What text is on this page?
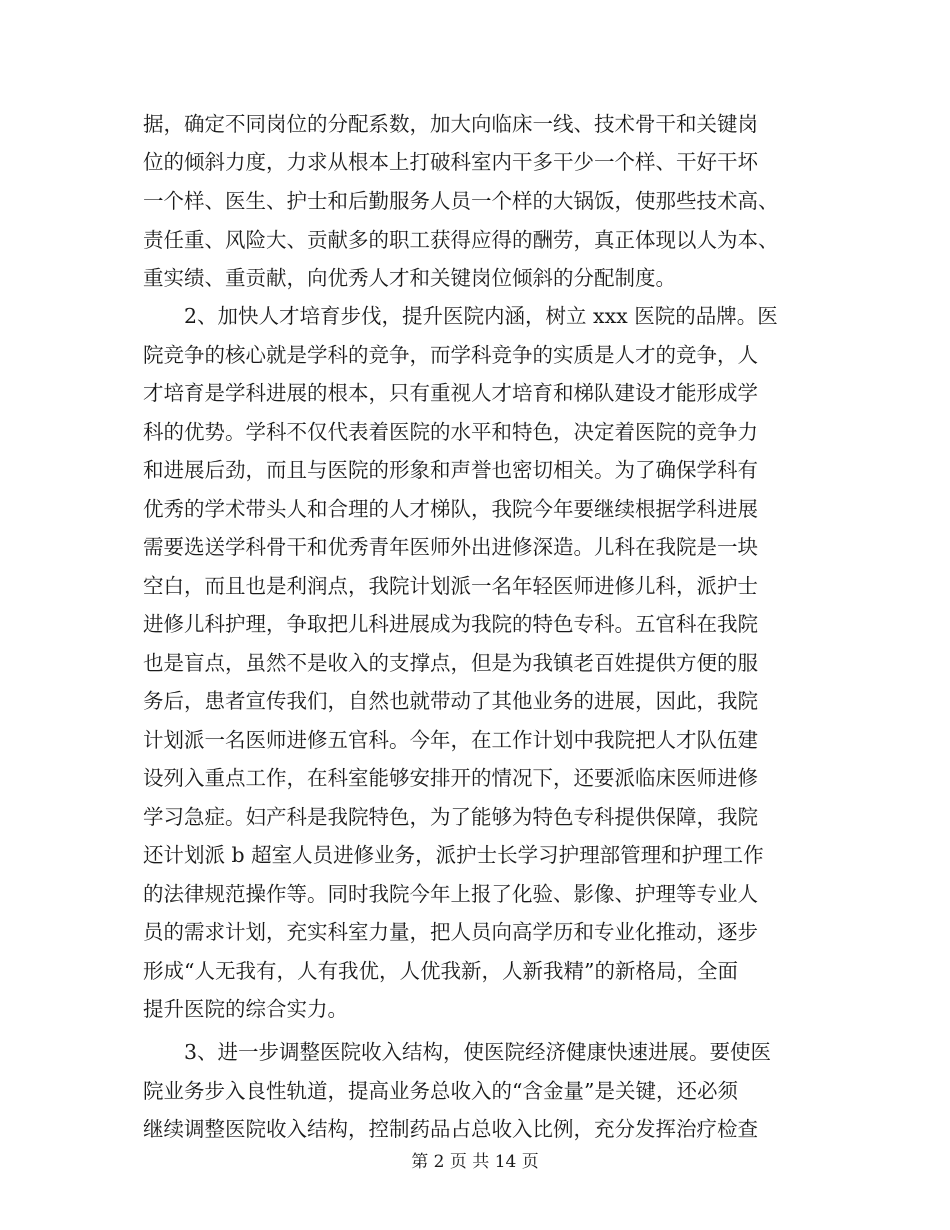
据，确定不同岗位的分配系数，加大向临床一线、技术骨干和关键岗
位的倾斜力度，力求从根本上打破科室内干多干少一个样、干好干坏
一个样、医生、护士和后勤服务人员一个样的大锅饭，使那些技术高、
责任重、风险大、贡献多的职工获得应得的酬劳，真正体现以人为本、
重实绩、重贡献，向优秀人才和关键岗位倾斜的分配制度。
　　2、加快人才培育步伐，提升医院内涵，树立 xxx 医院的品牌。医
院竞争的核心就是学科的竞争，而学科竞争的实质是人才的竞争，人
才培育是学科进展的根本，只有重视人才培育和梯队建设才能形成学
科的优势。学科不仅代表着医院的水平和特色，决定着医院的竞争力
和进展后劲，而且与医院的形象和声誉也密切相关。为了确保学科有
优秀的学术带头人和合理的人才梯队，我院今年要继续根据学科进展
需要选送学科骨干和优秀青年医师外出进修深造。儿科在我院是一块
空白，而且也是利润点，我院计划派一名年轻医师进修儿科，派护士
进修儿科护理，争取把儿科进展成为我院的特色专科。五官科在我院
也是盲点，虽然不是收入的支撑点，但是为我镇老百姓提供方便的服
务后，患者宣传我们，自然也就带动了其他业务的进展，因此，我院
计划派一名医师进修五官科。今年，在工作计划中我院把人才队伍建
设列入重点工作，在科室能够安排开的情况下，还要派临床医师进修
学习急症。妇产科是我院特色，为了能够为特色专科提供保障，我院
还计划派 b 超室人员进修业务，派护士长学习护理部管理和护理工作
的法律规范操作等。同时我院今年上报了化验、影像、护理等专业人
员的需求计划，充实科室力量，把人员向高学历和专业化推动，逐步
形成“人无我有，人有我优，人优我新，人新我精”的新格局，全面
提升医院的综合实力。
　　3、进一步调整医院收入结构，使医院经济健康快速进展。要使医
院业务步入良性轨道，提高业务总收入的“含金量”是关键，还必须
继续调整医院收入结构，控制药品占总收入比例，充分发挥治疗检查
第 2 页 共 14 页
